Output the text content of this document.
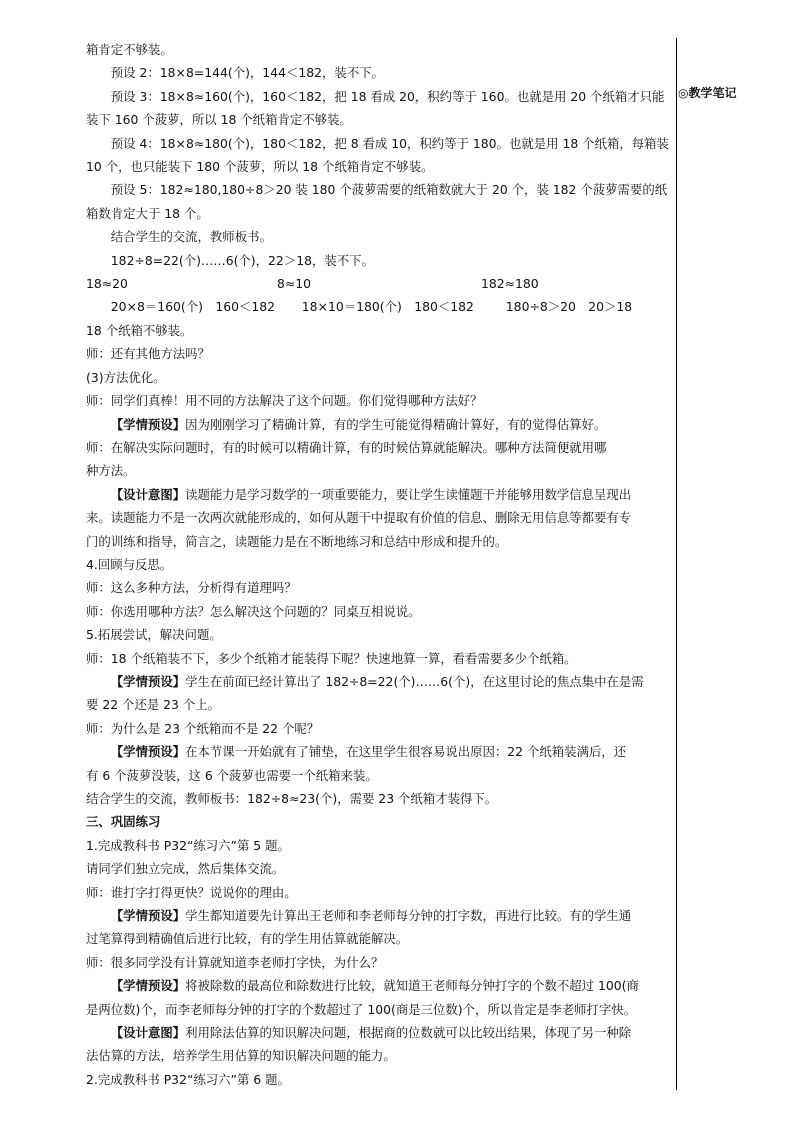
◎教学笔记

箱肯定不够装。

预设 2：18×8=144(个)，144＜182，装不下。

预设 3：18×8≈160(个)，160＜182，把 18 看成 20，积约等于 160。也就是用 20 个纸箱才只能

装下 160 个菠萝，所以 18 个纸箱肯定不够装。

预设 4：18×8≈180(个)，180＜182，把 8 看成 10，积约等于 180。也就是用 18 个纸箱，每箱装

10 个，也只能装下 180 个菠萝，所以 18 个纸箱肯定不够装。

预设 5：182≈180,180÷8＞20 装 180 个菠萝需要的纸箱数就大于 20 个，装 182 个菠萝需要的纸

箱数肯定大于 18 个。

结合学生的交流，教师板书。

182÷8=22(个)……6(个)，22＞18，装不下。

18≈20	8≈10	182≈180
20×8＝160(个)　160＜182	18×10＝180(个)　180＜182	180÷8＞20　20＞18

18 个纸箱不够装。

师：还有其他方法吗？

(3)方法优化。

师：同学们真棒！用不同的方法解决了这个问题。你们觉得哪种方法好？

【学情预设】因为刚刚学习了精确计算，有的学生可能觉得精确计算好，有的觉得估算好。

师：在解决实际问题时，有的时候可以精确计算，有的时候估算就能解决。哪种方法简便就用哪

种方法。

【设计意图】读题能力是学习数学的一项重要能力，要让学生读懂题干并能够用数学信息呈现出

来。读题能力不是一次两次就能形成的，如何从题干中提取有价值的信息、删除无用信息等都要有专

门的训练和指导，简言之，读题能力是在不断地练习和总结中形成和提升的。

4.回顾与反思。

师：这么多种方法，分析得有道理吗？

师：你选用哪种方法？怎么解决这个问题的？同桌互相说说。

5.拓展尝试，解决问题。

师：18 个纸箱装不下，多少个纸箱才能装得下呢？快速地算一算，看看需要多少个纸箱。

【学情预设】学生在前面已经计算出了 182÷8=22(个)……6(个)，在这里讨论的焦点集中在是需

要 22 个还是 23 个上。

师：为什么是 23 个纸箱而不是 22 个呢？

【学情预设】在本节课一开始就有了铺垫，在这里学生很容易说出原因：22 个纸箱装满后，还

有 6 个菠萝没装，这 6 个菠萝也需要一个纸箱来装。

结合学生的交流，教师板书：182÷8≈23(个)，需要 23 个纸箱才装得下。

三、巩固练习

1.完成教科书 P32“练习六”第 5 题。

请同学们独立完成，然后集体交流。

师：谁打字打得更快？说说你的理由。

【学情预设】学生都知道要先计算出王老师和李老师每分钟的打字数，再进行比较。有的学生通

过笔算得到精确值后进行比较，有的学生用估算就能解决。

师：很多同学没有计算就知道李老师打字快，为什么？

【学情预设】将被除数的最高位和除数进行比较，就知道王老师每分钟打字的个数不超过 100(商

是两位数)个，而李老师每分钟的打字的个数超过了 100(商是三位数)个，所以肯定是李老师打字快。

【设计意图】利用除法估算的知识解决问题，根据商的位数就可以比较出结果，体现了另一种除

法估算的方法，培养学生用估算的知识解决问题的能力。

2.完成教科书 P32“练习六”第 6 题。
